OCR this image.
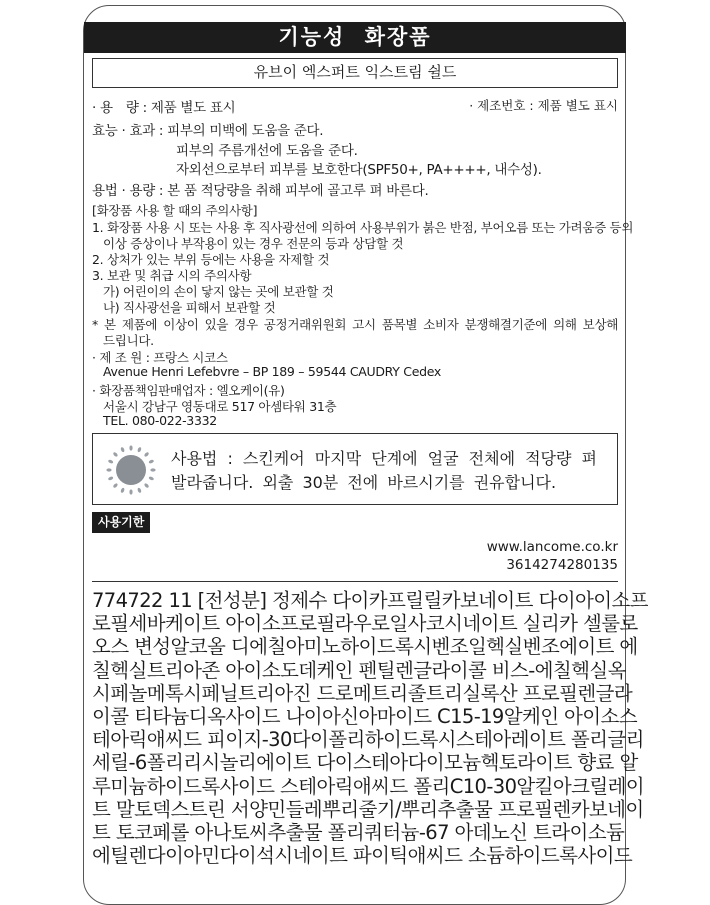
기능성 화장품
유브이 엑스퍼트 익스트림 쉴드
· 용　량 : 제품 별도 표시	· 제조번호 : 제품 별도 표시
효능 · 효과 : 피부의 미백에 도움을 준다.
피부의 주름개선에 도움을 준다.
자외선으로부터 피부를 보호한다(SPF50+, PA++++, 내수성).
용법 · 용량 : 본 품 적당량을 취해 피부에 골고루 펴 바른다.
[화장품 사용 할 때의 주의사항]
1. 화장품 사용 시 또는 사용 후 직사광선에 의하여 사용부위가 붉은 반점, 부어오름 또는 가려움증 등의
이상 증상이나 부작용이 있는 경우 전문의 등과 상담할 것
2. 상처가 있는 부위 등에는 사용을 자제할 것
3. 보관 및 취급 시의 주의사항
가) 어린이의 손이 닿지 않는 곳에 보관할 것
나) 직사광선을 피해서 보관할 것
* 본 제품에 이상이 있을 경우 공정거래위원회 고시 품목별 소비자 분쟁해결기준에 의해 보상해
드립니다.
· 제 조 원 : 프랑스 시코스
Avenue Henri Lefebvre – BP 189 – 59544 CAUDRY Cedex
· 화장품책임판매업자 : 엘오케이(유)
서울시 강남구 영동대로 517 아셈타워 31층
TEL. 080-022-3332
사용법 : 스킨케어 마지막 단계에 얼굴 전체에 적당량 펴
발라줍니다. 외출 30분 전에 바르시기를 권유합니다.
사용기한
www.lancome.co.kr
3614274280135
774722 11 [전성분] 정제수 다이카프릴릴카보네이트 다이아이소프
로필세바케이트 아이소프로필라우로일사코시네이트 실리카 셀룰로
오스 변성알코올 디에칠아미노하이드록시벤조일헥실벤조에이트 에
칠헥실트리아존 아이소도데케인 펜틸렌글라이콜 비스-에칠헥실옥
시페놀메톡시페닐트리아진 드로메트리졸트리실록산 프로필렌글라
이콜 티타늄디옥사이드 나이아신아마이드 C15-19알케인 아이소스
테아릭애씨드 피이지-30다이폴리하이드록시스테아레이트 폴리글리
세릴-6폴리리시놀리에이트 다이스테아다이모늄헥토라이트 향료 알
루미늄하이드록사이드 스테아릭애씨드 폴리C10-30알킬아크릴레이
트 말토덱스트린 서양민들레뿌리줄기/뿌리추출물 프로필렌카보네이
트 토코페롤 아나토씨추출물 폴리쿼터늄-67 아데노신 트라이소듐
에틸렌다이아민다이석시네이트 파이틱애씨드 소듐하이드록사이드
